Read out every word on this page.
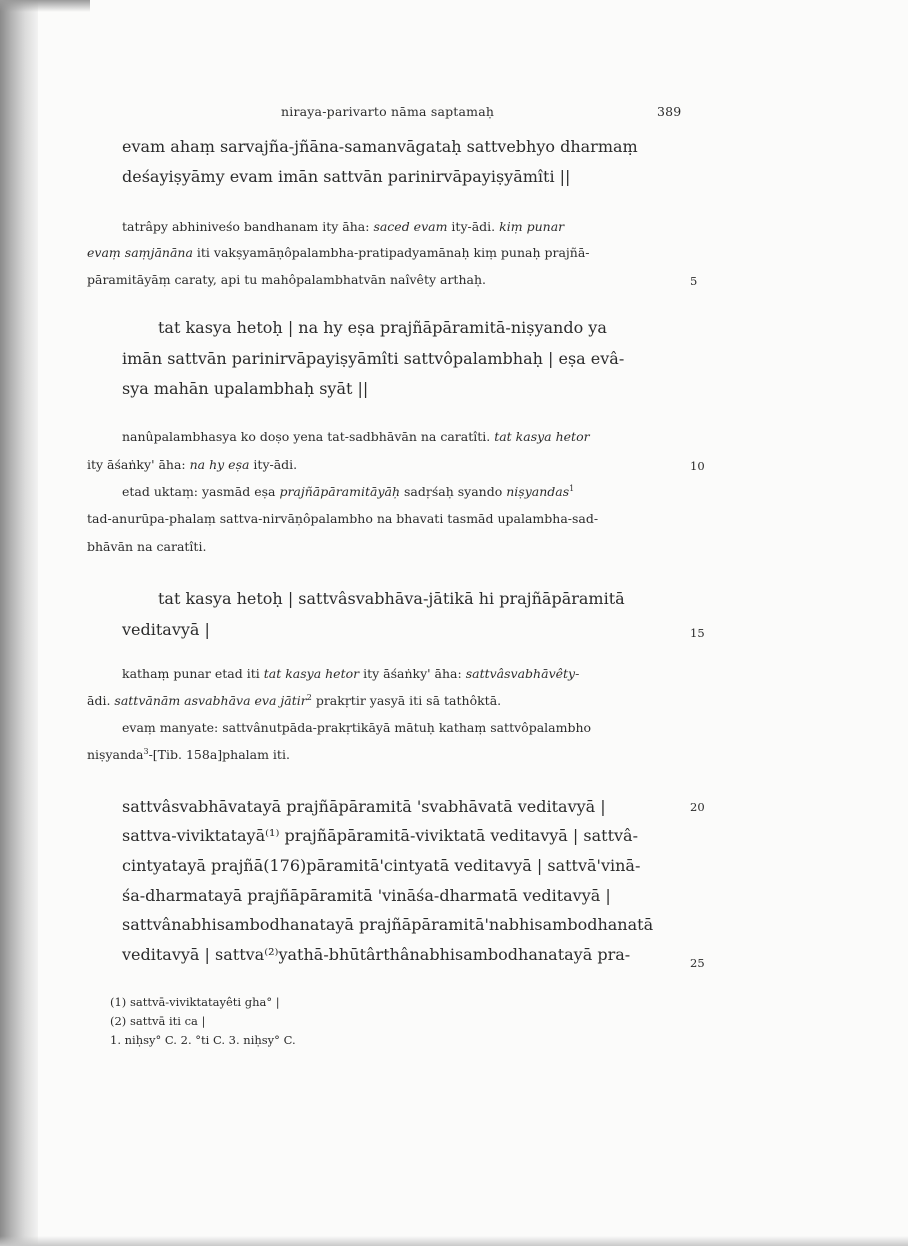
niraya-parivarto nāma saptamaḥ	389

evam ahaṃ sarvajña-jñāna-samanvāgataḥ sattvebhyo dharmaṃ

deśayiṣyāmy evam imān sattvān parinirvāpayiṣyāmîti ||

tatrâpy abhiniveśo bandhanam ity āha: saced evam ity-ādi. kiṃ punar

evaṃ saṃjānāna iti vakṣyamāṇôpalambha-pratipadyamānaḥ kiṃ punaḥ prajñā-

pāramitāyāṃ caraty, api tu mahôpalambhatvān naîvêty arthaḥ.

tat kasya hetoḥ | na hy eṣa prajñāpāramitā-niṣyando ya

imān sattvān parinirvāpayiṣyāmîti sattvôpalambhaḥ | eṣa evâ-

sya mahān upalambhaḥ syāt ||

nanûpalambhasya ko doṣo yena tat-sadbhāvān na caratîti. tat kasya hetor

ity āśaṅky' āha: na hy eṣa ity-ādi.

etad uktaṃ: yasmād eṣa prajñāpāramitāyāḥ sadṛśaḥ syando niṣyandas$^1$

tad-anurūpa-phalaṃ sattva-nirvāṇôpalambho na bhavati tasmād upalambha-sad-

bhāvān na caratîti.

tat kasya hetoḥ | sattvâsvabhāva-jātikā hi prajñāpāramitā

veditavyā |

kathaṃ punar etad iti tat kasya hetor ity āśaṅky' āha: sattvâsvabhāvêty-

ādi. sattvānām asvabhāva eva jātir$^2$ prakṛtir yasyā iti sā tathôktā.

evaṃ manyate: sattvânutpāda-prakṛtikāyā mātuḥ kathaṃ sattvôpalambho

niṣyanda$^3$-[Tib. 158a]phalam iti.

sattvâsvabhāvatayā prajñāpāramitā 'svabhāvatā veditavyā |

sattva-viviktatayā⁽¹⁾ prajñāpāramitā-viviktatā veditavyā | sattvâ-

cintyatayā prajñā(176)pāramitā'cintyatā veditavyā | sattvā'vinā-

śa-dharmatayā prajñāpāramitā 'vināśa-dharmatā veditavyā |

sattvânabhisambodhanatayā prajñāpāramitā'nabhisambodhanatā

veditavyā | sattva⁽²⁾yathā-bhūtârthânabhisambodhanatayā pra-

5
10
15
20
25

(1) sattvā-viviktatayêti gha° |

(2) sattvā iti ca |

1. niḥsy° C. 2. °ti C. 3. niḥsy° C.
